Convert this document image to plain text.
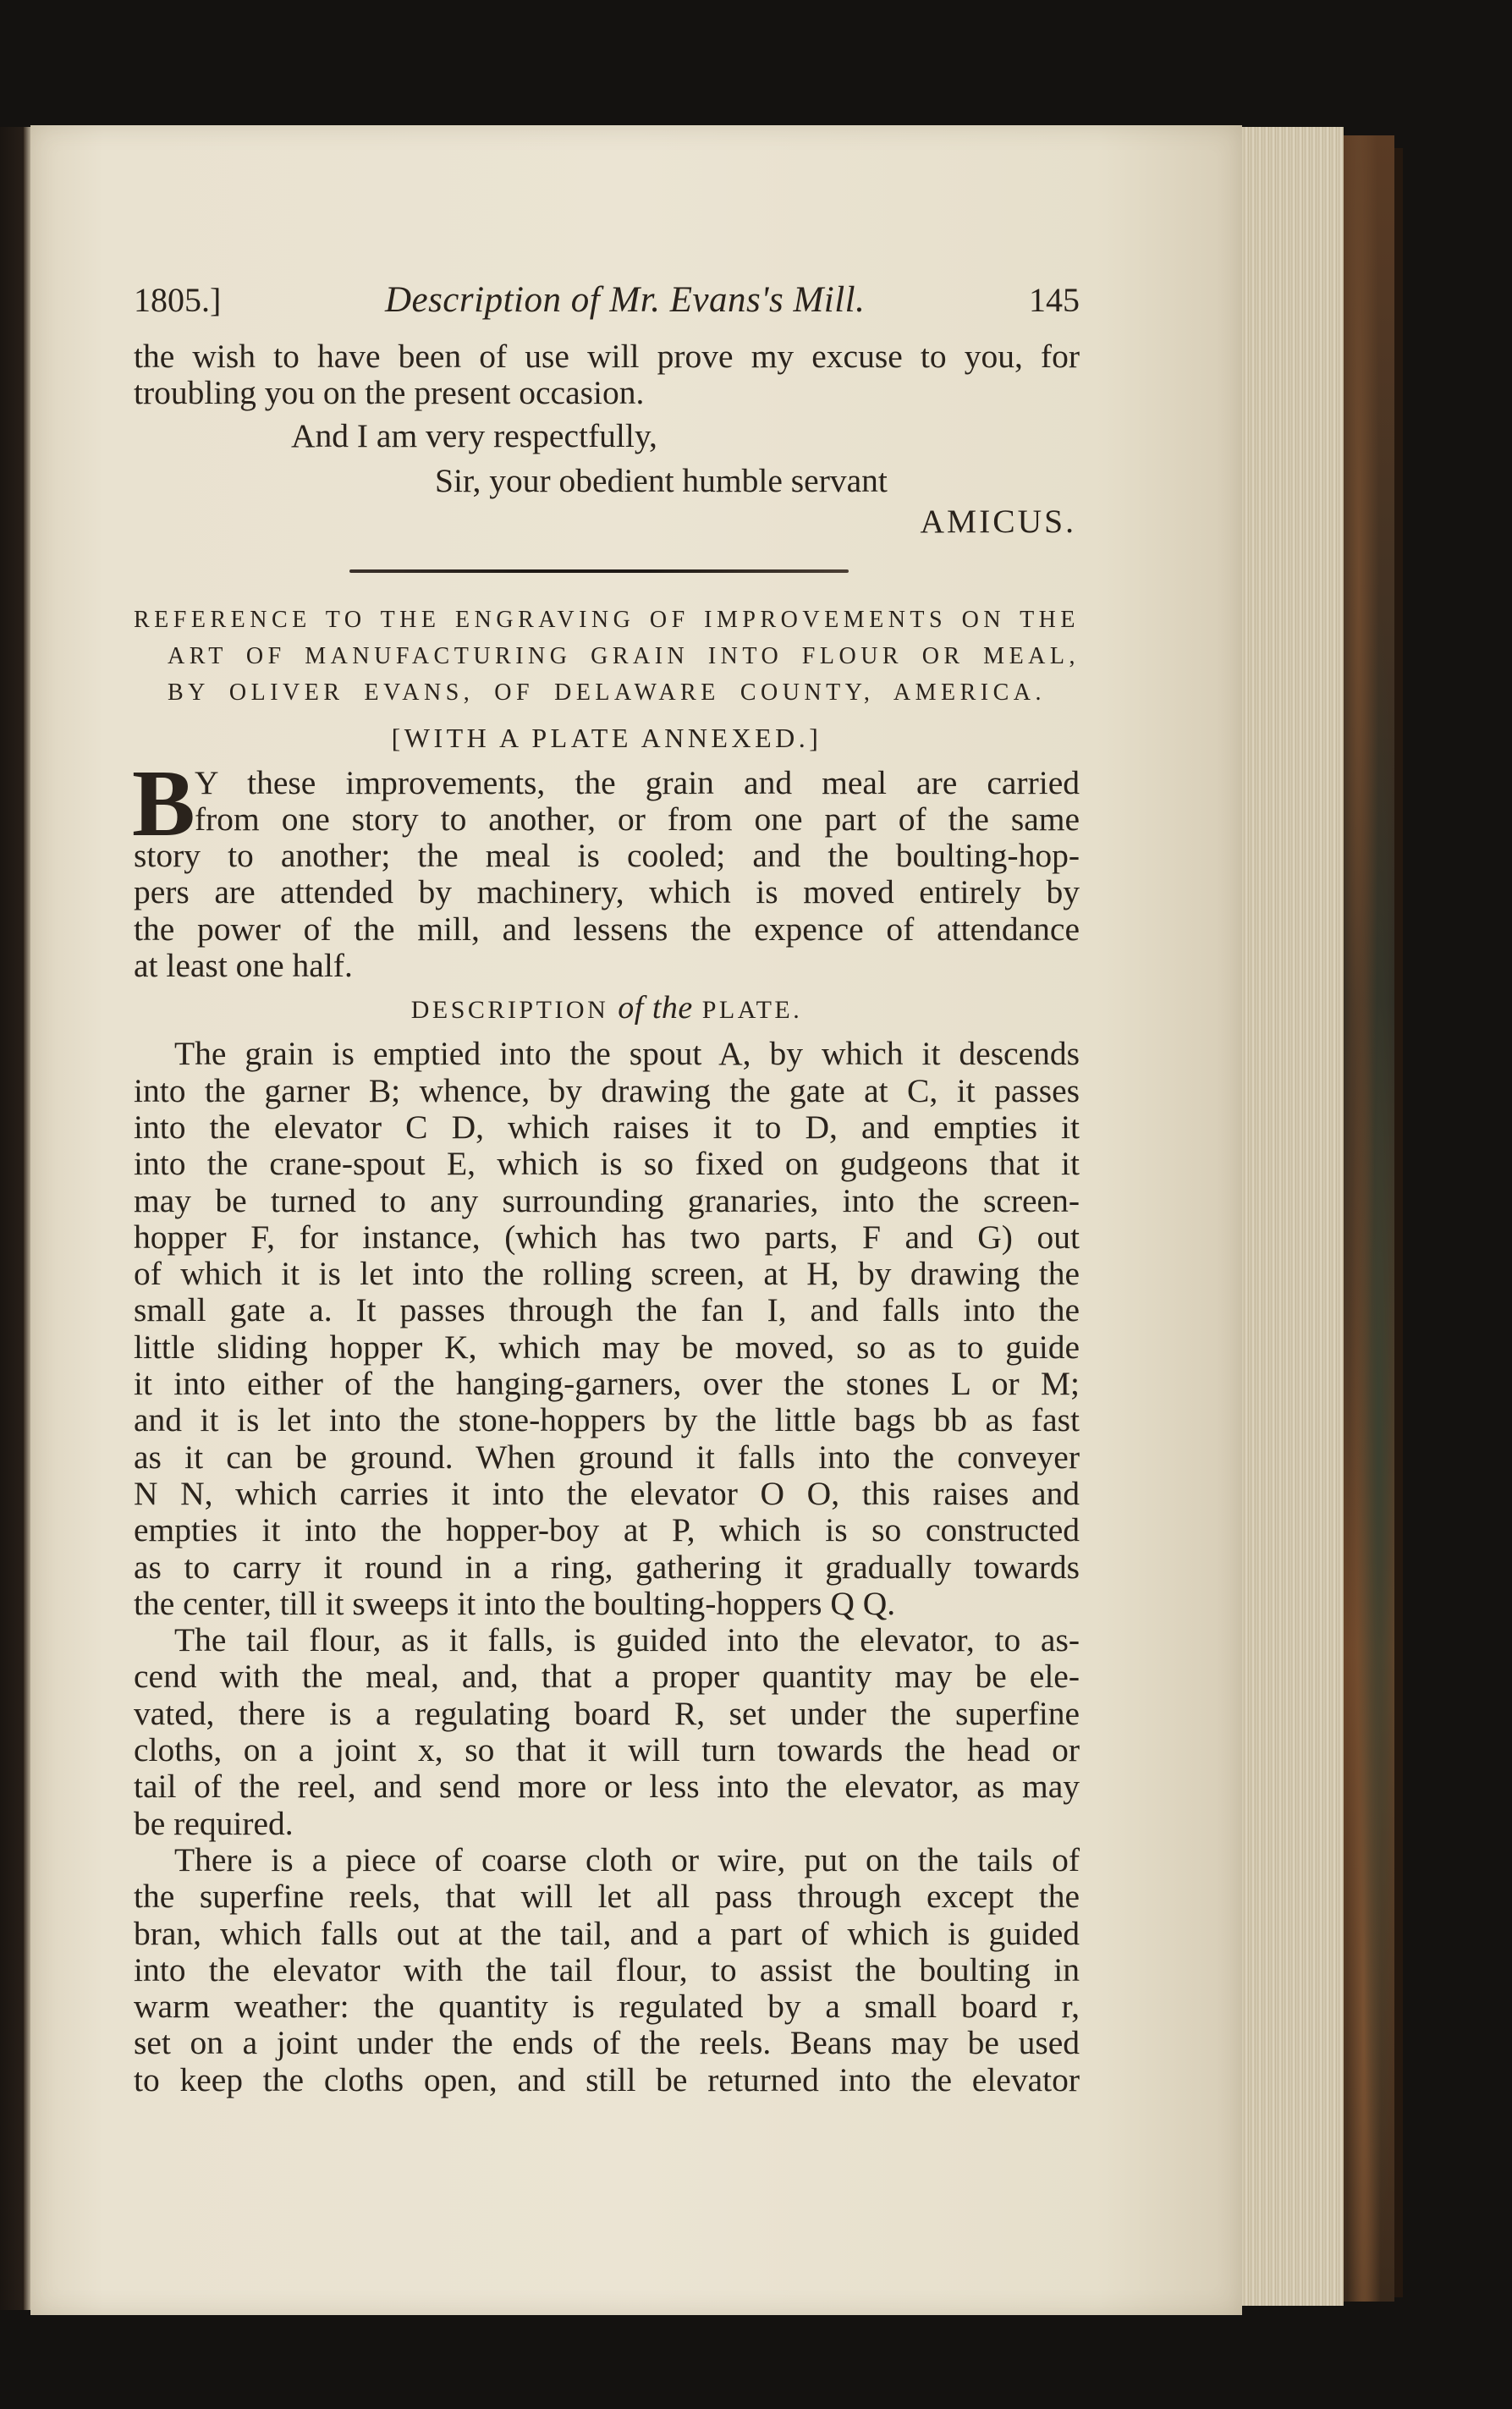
1805.]	Description of Mr. Evans's Mill.	145
the wish to have been of use will prove my excuse to you, for
troubling you on the present occasion.
And I am very respectfully,
Sir, your obedient humble servant
AMICUS.
REFERENCE TO THE ENGRAVING OF IMPROVEMENTS ON THE
ART OF MANUFACTURING GRAIN INTO FLOUR OR MEAL,
BY OLIVER EVANS, OF DELAWARE COUNTY, AMERICA.
[WITH A PLATE ANNEXED.]
B Y these improvements, the grain and meal are carried
from one story to another, or from one part of the same
story to another; the meal is cooled; and the boulting-hop-
pers are attended by machinery, which is moved entirely by
the power of the mill, and lessens the expence of attendance
at least one half.
DESCRIPTION of the PLATE.
The grain is emptied into the spout A, by which it descends
into the garner B; whence, by drawing the gate at C, it passes
into the elevator C D, which raises it to D, and empties it
into the crane-spout E, which is so fixed on gudgeons that it
may be turned to any surrounding granaries, into the screen-
hopper F, for instance, (which has two parts, F and G) out
of which it is let into the rolling screen, at H, by drawing the
small gate a. It passes through the fan I, and falls into the
little sliding hopper K, which may be moved, so as to guide
it into either of the hanging-garners, over the stones L or M;
and it is let into the stone-hoppers by the little bags bb as fast
as it can be ground. When ground it falls into the conveyer
N N, which carries it into the elevator O O, this raises and
empties it into the hopper-boy at P, which is so constructed
as to carry it round in a ring, gathering it gradually towards
the center, till it sweeps it into the boulting-hoppers Q Q.
The tail flour, as it falls, is guided into the elevator, to as-
cend with the meal, and, that a proper quantity may be ele-
vated, there is a regulating board R, set under the superfine
cloths, on a joint x, so that it will turn towards the head or
tail of the reel, and send more or less into the elevator, as may
be required.
There is a piece of coarse cloth or wire, put on the tails of
the superfine reels, that will let all pass through except the
bran, which falls out at the tail, and a part of which is guided
into the elevator with the tail flour, to assist the boulting in
warm weather: the quantity is regulated by a small board r,
set on a joint under the ends of the reels. Beans may be used
to keep the cloths open, and still be returned into the elevator
